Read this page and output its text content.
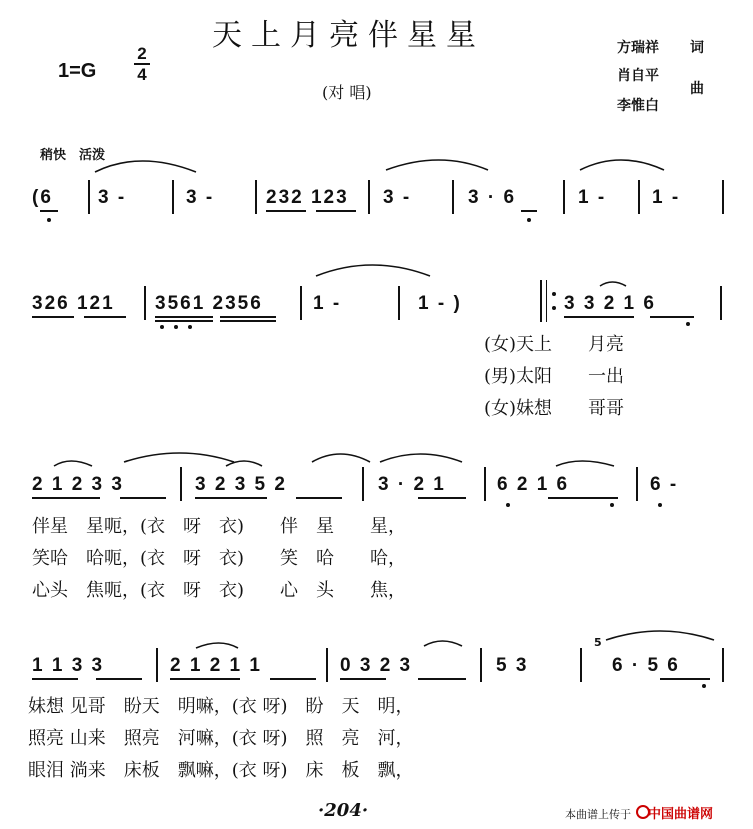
天上月亮伴星星
1=G
2
4
(对 唱)
方瑞祥 词
肖自平
曲
李惟白
稍快　活泼
(6 3 -	3 -	232 123 3 -	3 · 6	1 - 1 -
326 121 3561 2356	1 -	1 - )	3 3 2 1 6
(女)天上　　月亮
(男)太阳　　一出
(女)妹想　　哥哥
2 1 2 3 3	3 2 3 5 2	3 · 2 1	6 2 1 6	6 -
伴星　星呃，(衣　呀　衣)　　伴　星　　星，
笑哈　哈呃，(衣　呀　衣)　　笑　哈　　哈，
心头　焦呃，(衣　呀　衣)　　心　头　　焦，
1 1 3 3	2 1 2 1 1	0 3 2 3	5 3	6 · 5 6
5
妹想 见哥　盼天　明嘛，(衣 呀)　盼　天　明，
照亮 山来　照亮　河嘛，(衣 呀)　照　亮　河，
眼泪 淌来　床板　飘嘛，(衣 呀)　床　板　飘，
·204·	本曲谱上传于 中国曲谱网
